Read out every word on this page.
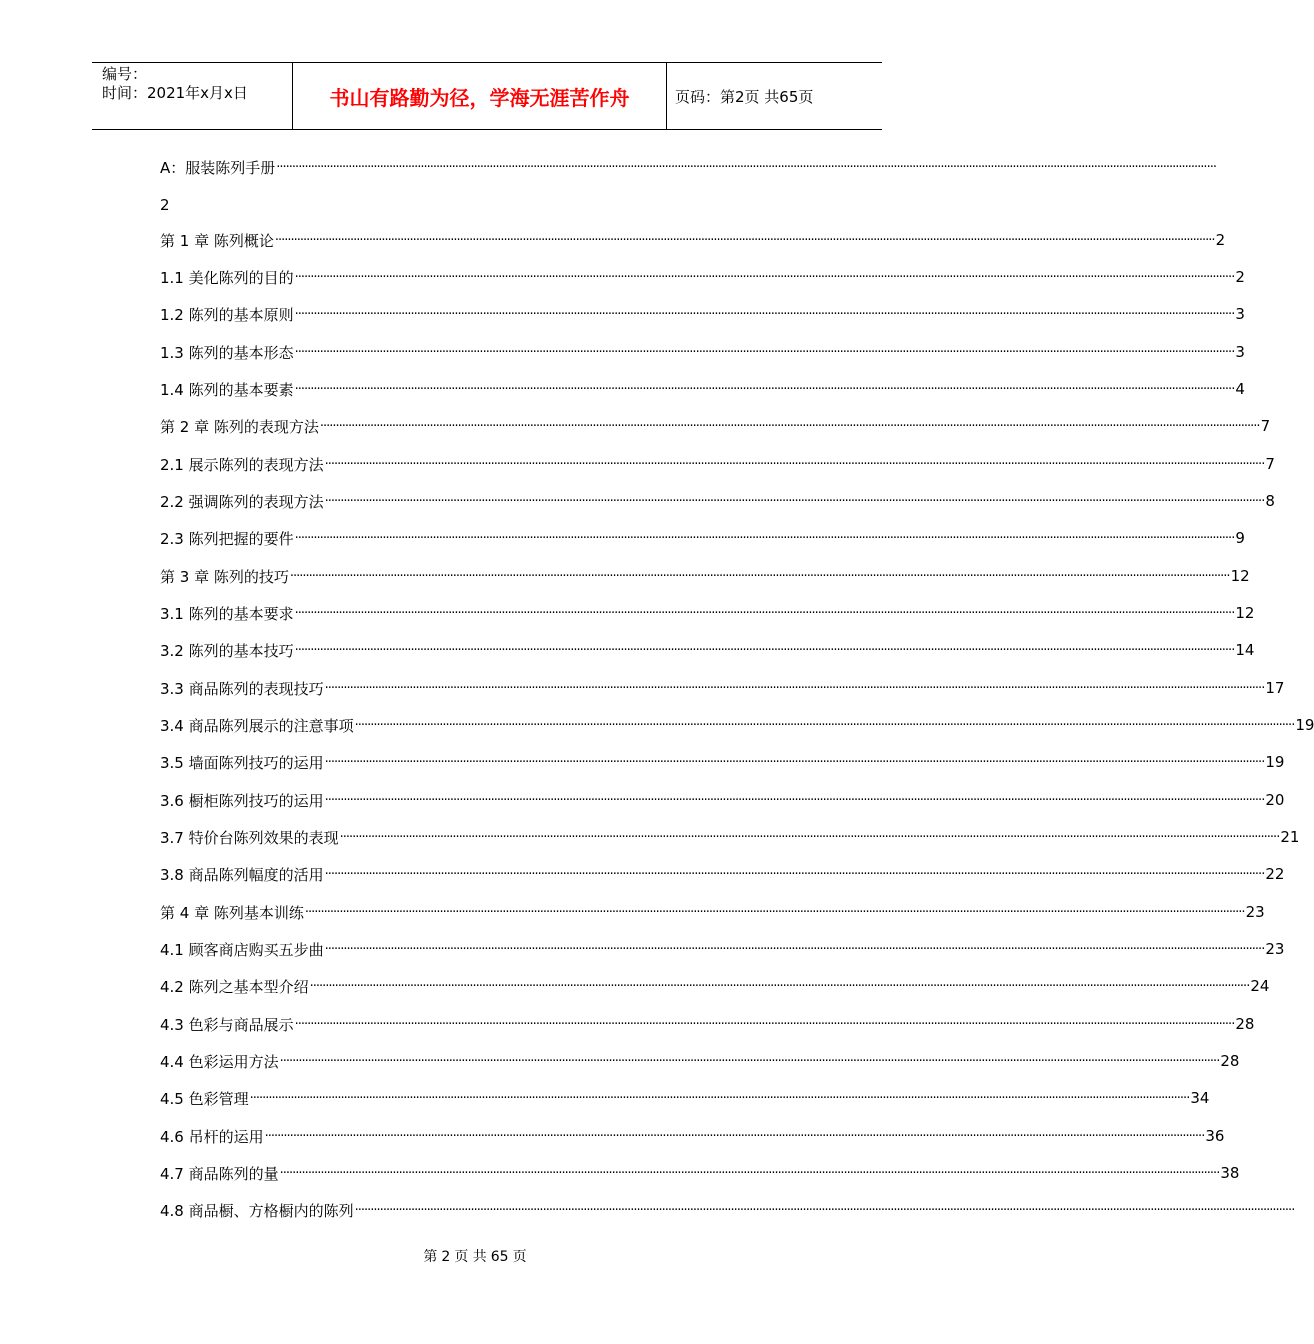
编号：
时间：2021年x月x日	书山有路勤为径，学海无涯苦作舟	页码：第2页 共65页
A：服装陈列手册 ············································································································································································································································································································
2
第 1 章 陈列概论 ············································································································································································································································································································ 2
1.1 美化陈列的目的 ············································································································································································································································································································ 2
1.2 陈列的基本原则 ············································································································································································································································································································ 3
1.3 陈列的基本形态 ············································································································································································································································································································ 3
1.4 陈列的基本要素 ············································································································································································································································································································ 4
第 2 章 陈列的表现方法 ············································································································································································································································································································ 7
2.1 展示陈列的表现方法 ············································································································································································································································································································ 7
2.2 强调陈列的表现方法 ············································································································································································································································································································ 8
2.3 陈列把握的要件 ············································································································································································································································································································ 9
第 3 章 陈列的技巧 ············································································································································································································································································································ 12
3.1 陈列的基本要求 ············································································································································································································································································································ 12
3.2 陈列的基本技巧 ············································································································································································································································································································ 14
3.3 商品陈列的表现技巧 ············································································································································································································································································································ 17
3.4 商品陈列展示的注意事项 ············································································································································································································································································································ 19
3.5 墙面陈列技巧的运用 ············································································································································································································································································································ 19
3.6 橱柜陈列技巧的运用 ············································································································································································································································································································ 20
3.7 特价台陈列效果的表现 ············································································································································································································································································································ 21
3.8 商品陈列幅度的活用 ············································································································································································································································································································ 22
第 4 章 陈列基本训练 ············································································································································································································································································································ 23
4.1 顾客商店购买五步曲 ············································································································································································································································································································ 23
4.2 陈列之基本型介绍 ············································································································································································································································································································ 24
4.3 色彩与商品展示 ············································································································································································································································································································ 28
4.4 色彩运用方法 ············································································································································································································································································································ 28
4.5 色彩管理 ············································································································································································································································································································ 34
4.6 吊杆的运用 ············································································································································································································································································································ 36
4.7 商品陈列的量 ············································································································································································································································································································ 38
4.8 商品橱、方格橱内的陈列 ············································································································································································································································································································
第 2 页 共 65 页
